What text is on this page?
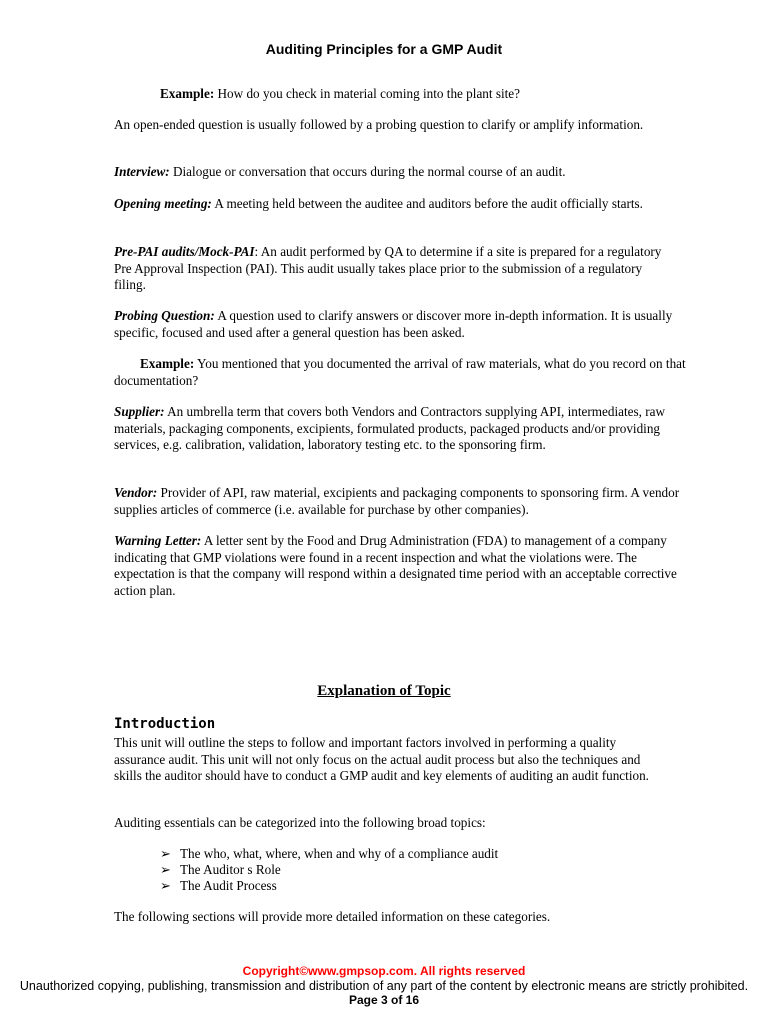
Auditing Principles for a GMP Audit

Example: How do you check in material coming into the plant site?

An open-ended question is usually followed by a probing question to clarify or amplify information.

Interview: Dialogue or conversation that occurs during the normal course of an audit.

Opening meeting: A meeting held between the auditee and auditors before the audit officially starts.

Pre-PAI audits/Mock-PAI: An audit performed by QA to determine if a site is prepared for a regulatory Pre Approval Inspection (PAI). This audit usually takes place prior to the submission of a regulatory filing.

Probing Question: A question used to clarify answers or discover more in-depth information. It is usually specific, focused and used after a general question has been asked.

Example: You mentioned that you documented the arrival of raw materials, what do you record on that documentation?

Supplier: An umbrella term that covers both Vendors and Contractors supplying API, intermediates, raw materials, packaging components, excipients, formulated products, packaged products and/or providing services, e.g. calibration, validation, laboratory testing etc. to the sponsoring firm.

Vendor: Provider of API, raw material, excipients and packaging components to sponsoring firm. A vendor supplies articles of commerce (i.e. available for purchase by other companies).

Warning Letter: A letter sent by the Food and Drug Administration (FDA) to management of a company indicating that GMP violations were found in a recent inspection and what the violations were. The expectation is that the company will respond within a designated time period with an acceptable corrective action plan.

Explanation of Topic
Introduction

This unit will outline the steps to follow and important factors involved in performing a quality assurance audit. This unit will not only focus on the actual audit process but also the techniques and skills the auditor should have to conduct a GMP audit and key elements of auditing an audit function.

Auditing essentials can be categorized into the following broad topics:

➢ The who, what, where, when and why of a compliance audit
➢ The Auditor s Role
➢ The Audit Process

The following sections will provide more detailed information on these categories.

Copyright©www.gmpsop.com. All rights reserved
Unauthorized copying, publishing, transmission and distribution of any part of the content by electronic means are strictly prohibited.
Page 3 of 16
